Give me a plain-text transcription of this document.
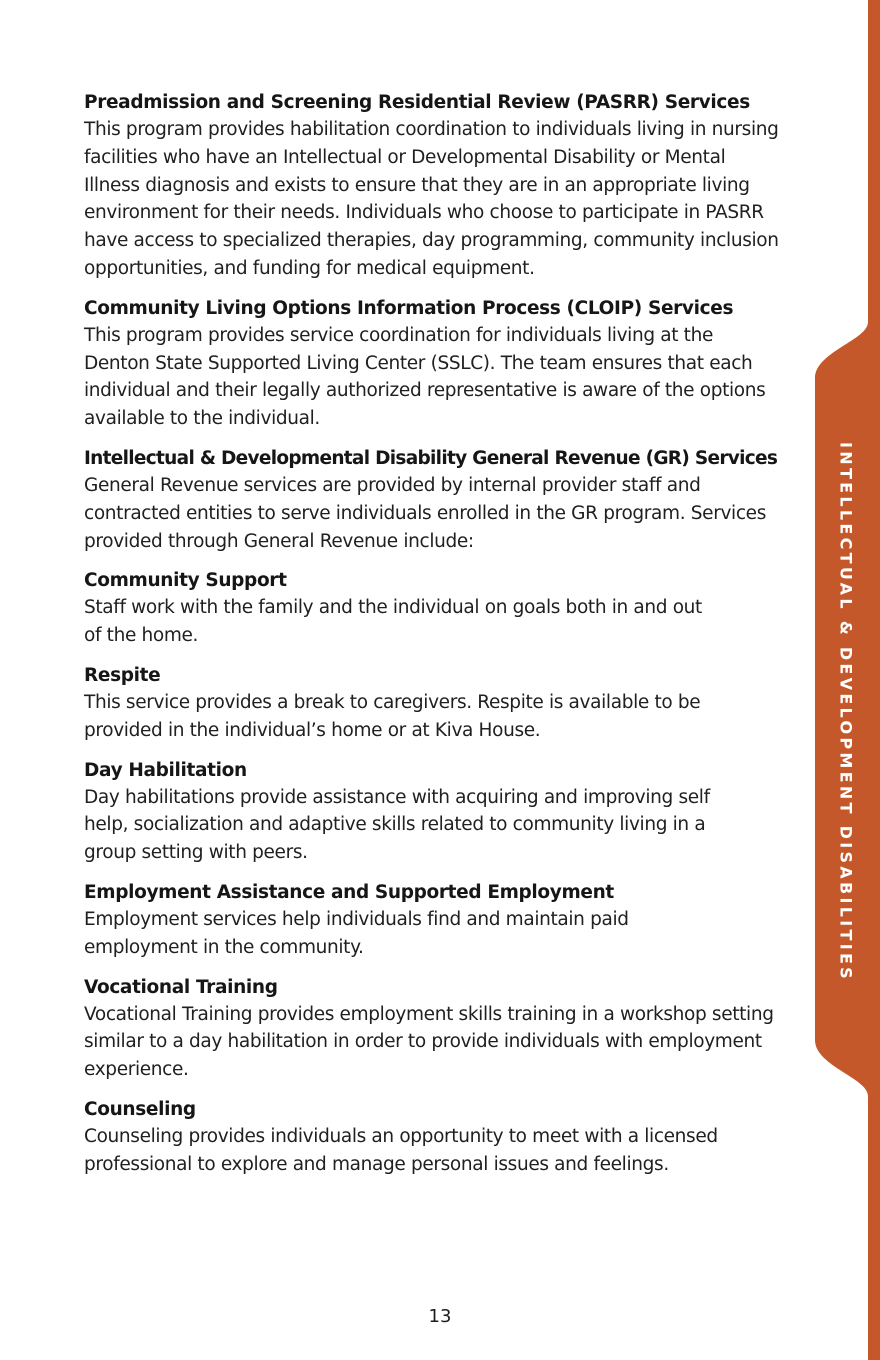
INTELLECTUAL & DEVELOPMENT DISABILITIES
Preadmission and Screening Residential Review (PASRR) Services

This program provides habilitation coordination to individuals living in nursing facilities who have an Intellectual or Developmental Disability or Mental Illness diagnosis and exists to ensure that they are in an appropriate living environment for their needs. Individuals who choose to participate in PASRR have access to specialized therapies, day programming, community inclusion opportunities, and funding for medical equipment.

Community Living Options Information Process (CLOIP) Services

This program provides service coordination for individuals living at the Denton State Supported Living Center (SSLC). The team ensures that each individual and their legally authorized representative is aware of the options available to the individual.

Intellectual & Developmental Disability General Revenue (GR) Services

General Revenue services are provided by internal provider staff and contracted entities to serve individuals enrolled in the GR program. Services provided through General Revenue include:

Community Support

Staff work with the family and the individual on goals both in and out of the home.

Respite

This service provides a break to caregivers. Respite is available to be provided in the individual’s home or at Kiva House.

Day Habilitation

Day habilitations provide assistance with acquiring and improving self help, socialization and adaptive skills related to community living in a group setting with peers.

Employment Assistance and Supported Employment

Employment services help individuals find and maintain paid employment in the community.

Vocational Training

Vocational Training provides employment skills training in a workshop setting similar to a day habilitation in order to provide individuals with employment experience.

Counseling

Counseling provides individuals an opportunity to meet with a licensed professional to explore and manage personal issues and feelings.

13
